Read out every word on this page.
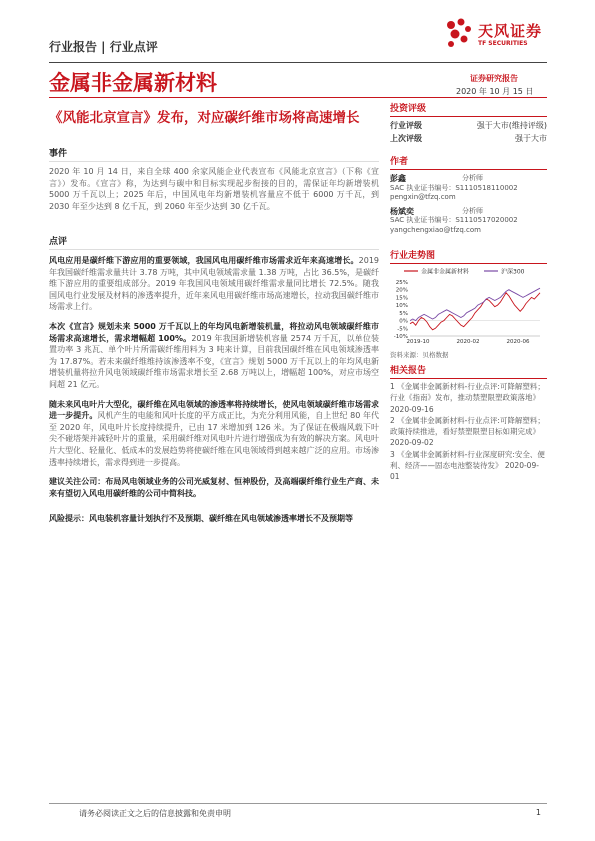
行业报告 | 行业点评
天风证券
TF SECURITIES
金属非金属新材料
《风能北京宣言》发布，对应碳纤维市场将高速增长
证券研究报告
2020 年 10 月 15 日
投资评级
行业评级	强于大市(维持评级)
上次评级	强于大市
作者
彭鑫	分析师
SAC 执业证书编号：S1110518110002
pengxin@tfzq.com
杨斌奕	分析师
SAC 执业证书编号：S1110517020002
yangchengxiao@tfzq.com
行业走势图
金属非金属新材料	沪深300
25%
20%
15%
10%
5%
0%
-5%
-10%
2019-10	2020-02	2020-06
资料来源：贝格数据
相关报告
1 《金属非金属新材料-行业点评:可降解塑料；行业《指南》发布，推动禁塑限塑政策落地》 2020-09-16
2 《金属非金属新材料-行业点评:可降解塑料；政策持续推进，看好禁塑限塑目标如期完成》 2020-09-02
3 《金属非金属新材料-行业深度研究:安全、便利、经济——固态电池整装待发》 2020-09-01
事件
2020 年 10 月 14 日，来自全球 400 余家风能企业代表宣布《风能北京宣言》（下称《宣言》）发布。《宣言》称，为达到与碳中和目标实现起步衔接的目的，需保证年均新增装机 5000 万千瓦以上；2025 年后，中国风电年均新增装机容量应不低于 6000 万千瓦，到 2030 年至少达到 8 亿千瓦，到 2060 年至少达到 30 亿千瓦。
点评
风电应用是碳纤维下游应用的重要领域，我国风电用碳纤维市场需求近年来高速增长。2019 年我国碳纤维需求量共计 3.78 万吨，其中风电领域需求量 1.38 万吨，占比 36.5%，是碳纤维下游应用的重要组成部分。2019 年我国风电领域用碳纤维需求量同比增长 72.5%。随我国风电行业发展及材料的渗透率提升，近年来风电用碳纤维市场高速增长，拉动我国碳纤维市场需求上行。
本次《宣言》规划未来 5000 万千瓦以上的年均风电新增装机量，将拉动风电领域碳纤维市场需求高速增长，需求增幅超 100%。2019 年我国新增装机容量 2574 万千瓦，以单位装置功率 3 兆瓦、单个叶片所需碳纤维用料为 3 吨来计算，目前我国碳纤维在风电领域渗透率为 17.87%。若未来碳纤维维持该渗透率不变，《宣言》规划 5000 万千瓦以上的年均风电新增装机量将拉升风电领域碳纤维市场需求增长至 2.68 万吨以上，增幅超 100%，对应市场空间超 21 亿元。
随未来风电叶片大型化，碳纤维在风电领域的渗透率将持续增长，使风电领域碳纤维市场需求进一步提升。风机产生的电能和风叶长度的平方成正比，为充分利用风能，自上世纪 80 年代至 2020 年，风电叶片长度持续提升，已由 17 米增加到 126 米。为了保证在极端风载下叶尖不碰塔架并减轻叶片的重量，采用碳纤维对风电叶片进行增强成为有效的解决方案。风电叶片大型化、轻量化、低成本的发展趋势将使碳纤维在风电领域得到越来越广泛的应用。市场渗透率持续增长，需求得到进一步提高。
建议关注公司：布局风电领域业务的公司光威复材、恒神股份，及高端碳纤维行业生产商、未来有望切入风电用碳纤维的公司中简科技。
风险提示：风电装机容量计划执行不及预期、碳纤维在风电领域渗透率增长不及预期等
请务必阅读正文之后的信息披露和免责申明	1
